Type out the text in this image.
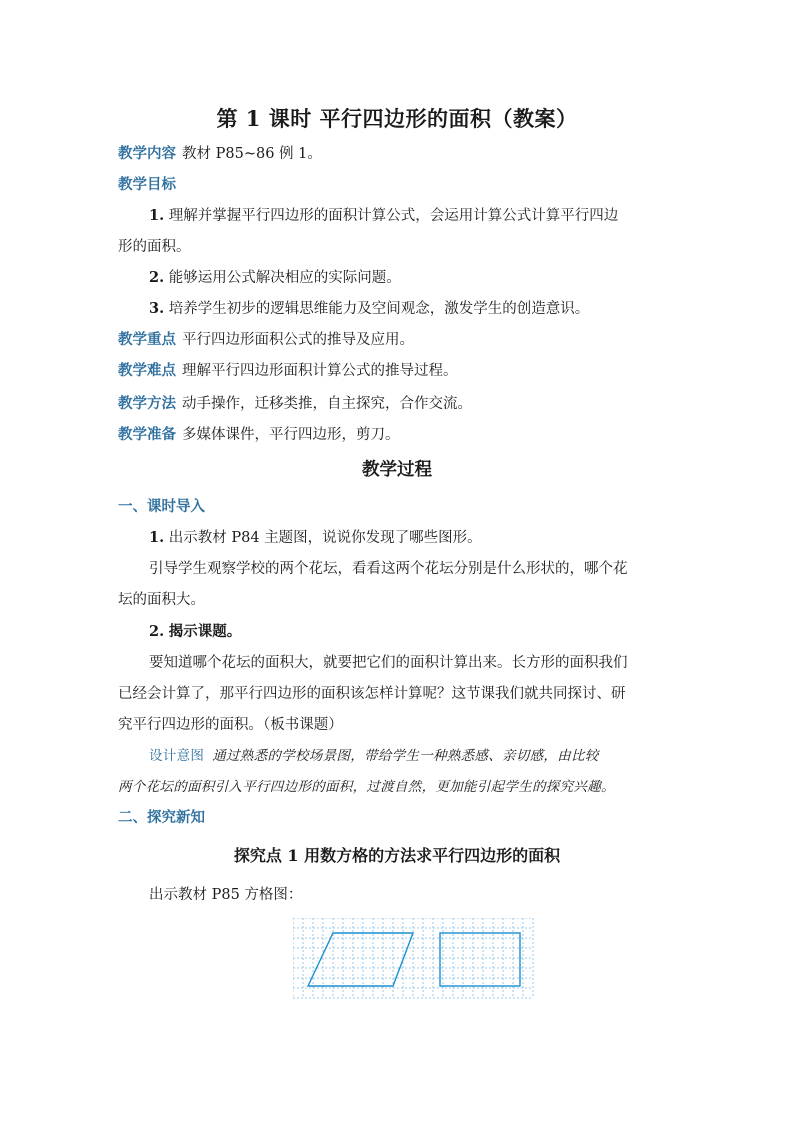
第 1 课时 平行四边形的面积（教案）
教学内容 教材 P85~86 例 1。
教学目标
1. 理解并掌握平行四边形的面积计算公式，会运用计算公式计算平行四边
形的面积。
2. 能够运用公式解决相应的实际问题。
3. 培养学生初步的逻辑思维能力及空间观念，激发学生的创造意识。
教学重点 平行四边形面积公式的推导及应用。
教学难点 理解平行四边形面积计算公式的推导过程。
教学方法 动手操作，迁移类推，自主探究，合作交流。
教学准备 多媒体课件，平行四边形，剪刀。
教学过程
一、课时导入
1. 出示教材 P84 主题图，说说你发现了哪些图形。
引导学生观察学校的两个花坛，看看这两个花坛分别是什么形状的，哪个花
坛的面积大。
2. 揭示课题。
要知道哪个花坛的面积大，就要把它们的面积计算出来。长方形的面积我们
已经会计算了，那平行四边形的面积该怎样计算呢？这节课我们就共同探讨、研
究平行四边形的面积。（板书课题）
设计意图 通过熟悉的学校场景图，带给学生一种熟悉感、亲切感，由比较
两个花坛的面积引入平行四边形的面积，过渡自然，更加能引起学生的探究兴趣。
二、探究新知
探究点 1 用数方格的方法求平行四边形的面积
出示教材 P85 方格图：
